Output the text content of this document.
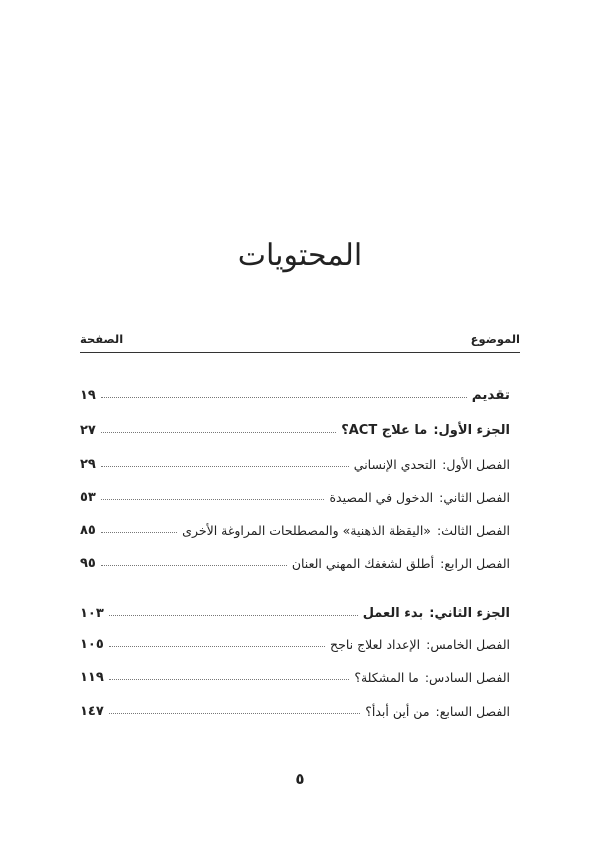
المحتويات
الموضوع
الصفحة
تقديم
١٩
الجزء الأول:ما علاج ACT؟
٢٧
الفصل الأول:التحدي الإنساني
٢٩
الفصل الثاني:الدخول في المصيدة
٥٣
الفصل الثالث:«اليقظة الذهنية» والمصطلحات المراوغة الأخرى
٨٥
الفصل الرابع:أطلق لشغفك المهني العنان
٩٥
الجزء الثاني:بدء العمل
١٠٣
الفصل الخامس:الإعداد لعلاج ناجح
١٠٥
الفصل السادس:ما المشكلة؟
١١٩
الفصل السابع:من أين أبدأ؟
١٤٧
٥
